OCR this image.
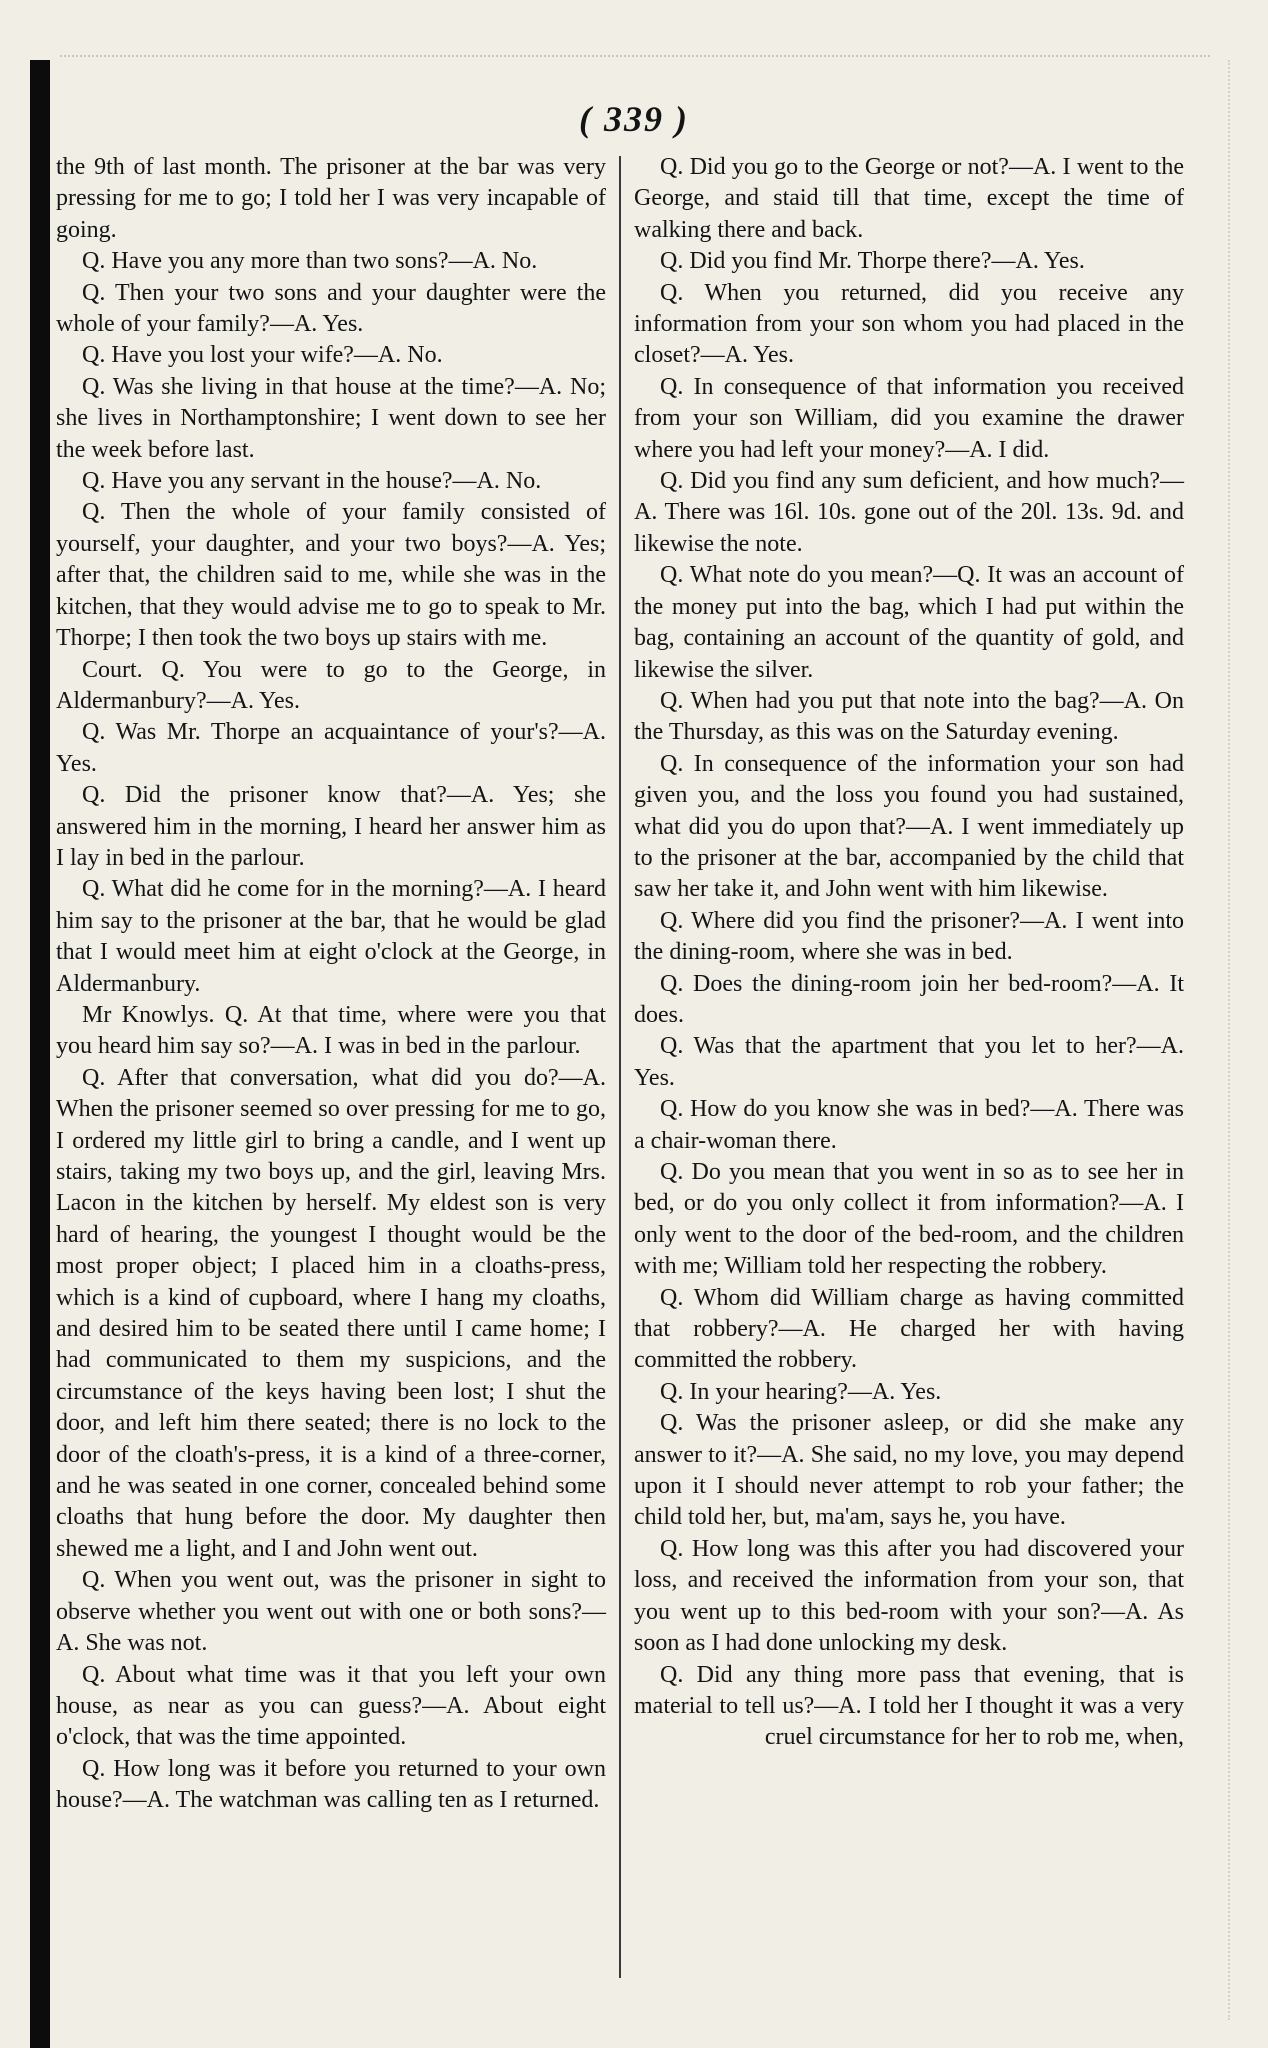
( 339 )

the 9th of last month. The prisoner at the bar was very pressing for me to go; I told her I was very incapable of going.

Q. Have you any more than two sons?—A. No.

Q. Then your two sons and your daughter were the whole of your family?—A. Yes.

Q. Have you lost your wife?—A. No.

Q. Was she living in that house at the time?—A. No; she lives in Northamptonshire; I went down to see her the week before last.

Q. Have you any servant in the house?—A. No.

Q. Then the whole of your family consisted of yourself, your daughter, and your two boys?—A. Yes; after that, the children said to me, while she was in the kitchen, that they would advise me to go to speak to Mr. Thorpe; I then took the two boys up stairs with me.

Court. Q. You were to go to the George, in Aldermanbury?—A. Yes.

Q. Was Mr. Thorpe an acquaintance of your's?—A. Yes.

Q. Did the prisoner know that?—A. Yes; she answered him in the morning, I heard her answer him as I lay in bed in the parlour.

Q. What did he come for in the morning?—A. I heard him say to the prisoner at the bar, that he would be glad that I would meet him at eight o'clock at the George, in Aldermanbury.

Mr Knowlys. Q. At that time, where were you that you heard him say so?—A. I was in bed in the parlour.

Q. After that conversation, what did you do?—A. When the prisoner seemed so over pressing for me to go, I ordered my little girl to bring a candle, and I went up stairs, taking my two boys up, and the girl, leaving Mrs. Lacon in the kitchen by herself. My eldest son is very hard of hearing, the youngest I thought would be the most proper object; I placed him in a cloaths-press, which is a kind of cupboard, where I hang my cloaths, and desired him to be seated there until I came home; I had communicated to them my suspicions, and the circumstance of the keys having been lost; I shut the door, and left him there seated; there is no lock to the door of the cloath's-press, it is a kind of a three-corner, and he was seated in one corner, concealed behind some cloaths that hung before the door. My daughter then shewed me a light, and I and John went out.

Q. When you went out, was the prisoner in sight to observe whether you went out with one or both sons?—A. She was not.

Q. About what time was it that you left your own house, as near as you can guess?—A. About eight o'clock, that was the time appointed.

Q. How long was it before you returned to your own house?—A. The watchman was calling ten as I returned.

Q. Did you go to the George or not?—A. I went to the George, and staid till that time, except the time of walking there and back.

Q. Did you find Mr. Thorpe there?—A. Yes.

Q. When you returned, did you receive any information from your son whom you had placed in the closet?—A. Yes.

Q. In consequence of that information you received from your son William, did you examine the drawer where you had left your money?—A. I did.

Q. Did you find any sum deficient, and how much?—A. There was 16l. 10s. gone out of the 20l. 13s. 9d. and likewise the note.

Q. What note do you mean?—Q. It was an account of the money put into the bag, which I had put within the bag, containing an account of the quantity of gold, and likewise the silver.

Q. When had you put that note into the bag?—A. On the Thursday, as this was on the Saturday evening.

Q. In consequence of the information your son had given you, and the loss you found you had sustained, what did you do upon that?—A. I went immediately up to the prisoner at the bar, accompanied by the child that saw her take it, and John went with him likewise.

Q. Where did you find the prisoner?—A. I went into the dining-room, where she was in bed.

Q. Does the dining-room join her bed-room?—A. It does.

Q. Was that the apartment that you let to her?—A. Yes.

Q. How do you know she was in bed?—A. There was a chair-woman there.

Q. Do you mean that you went in so as to see her in bed, or do you only collect it from information?—A. I only went to the door of the bed-room, and the children with me; William told her respecting the robbery.

Q. Whom did William charge as having committed that robbery?—A. He charged her with having committed the robbery.

Q. In your hearing?—A. Yes.

Q. Was the prisoner asleep, or did she make any answer to it?—A. She said, no my love, you may depend upon it I should never attempt to rob your father; the child told her, but, ma'am, says he, you have.

Q. How long was this after you had discovered your loss, and received the information from your son, that you went up to this bed-room with your son?—A. As soon as I had done unlocking my desk.

Q. Did any thing more pass that evening, that is material to tell us?—A. I told her I thought it was a very cruel circumstance for her to rob me, when,
